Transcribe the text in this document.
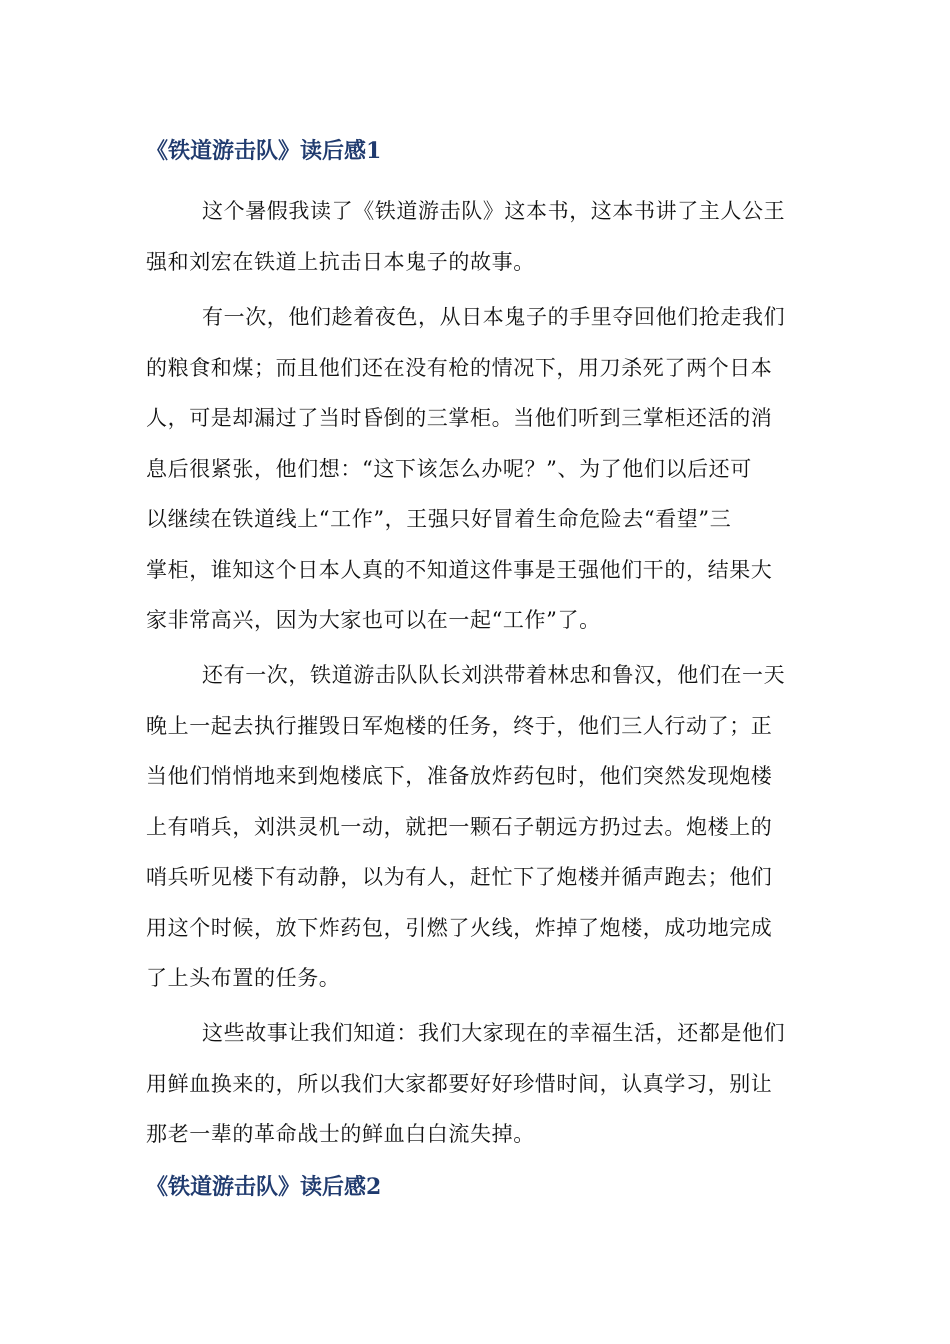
《铁道游击队》读后感1
这个暑假我读了《铁道游击队》这本书，这本书讲了主人公王
强和刘宏在铁道上抗击日本鬼子的故事。
有一次，他们趁着夜色，从日本鬼子的手里夺回他们抢走我们
的粮食和煤；而且他们还在没有枪的情况下，用刀杀死了两个日本
人，可是却漏过了当时昏倒的三掌柜。当他们听到三掌柜还活的消
息后很紧张，他们想：“这下该怎么办呢？”、为了他们以后还可
以继续在铁道线上“工作”，王强只好冒着生命危险去“看望”三
掌柜，谁知这个日本人真的不知道这件事是王强他们干的，结果大
家非常高兴，因为大家也可以在一起“工作”了。
还有一次，铁道游击队队长刘洪带着林忠和鲁汉，他们在一天
晚上一起去执行摧毁日军炮楼的任务，终于，他们三人行动了；正
当他们悄悄地来到炮楼底下，准备放炸药包时，他们突然发现炮楼
上有哨兵，刘洪灵机一动，就把一颗石子朝远方扔过去。炮楼上的
哨兵听见楼下有动静，以为有人，赶忙下了炮楼并循声跑去；他们
用这个时候，放下炸药包，引燃了火线，炸掉了炮楼，成功地完成
了上头布置的任务。
这些故事让我们知道：我们大家现在的幸福生活，还都是他们
用鲜血换来的，所以我们大家都要好好珍惜时间，认真学习，别让
那老一辈的革命战士的鲜血白白流失掉。
《铁道游击队》读后感2
